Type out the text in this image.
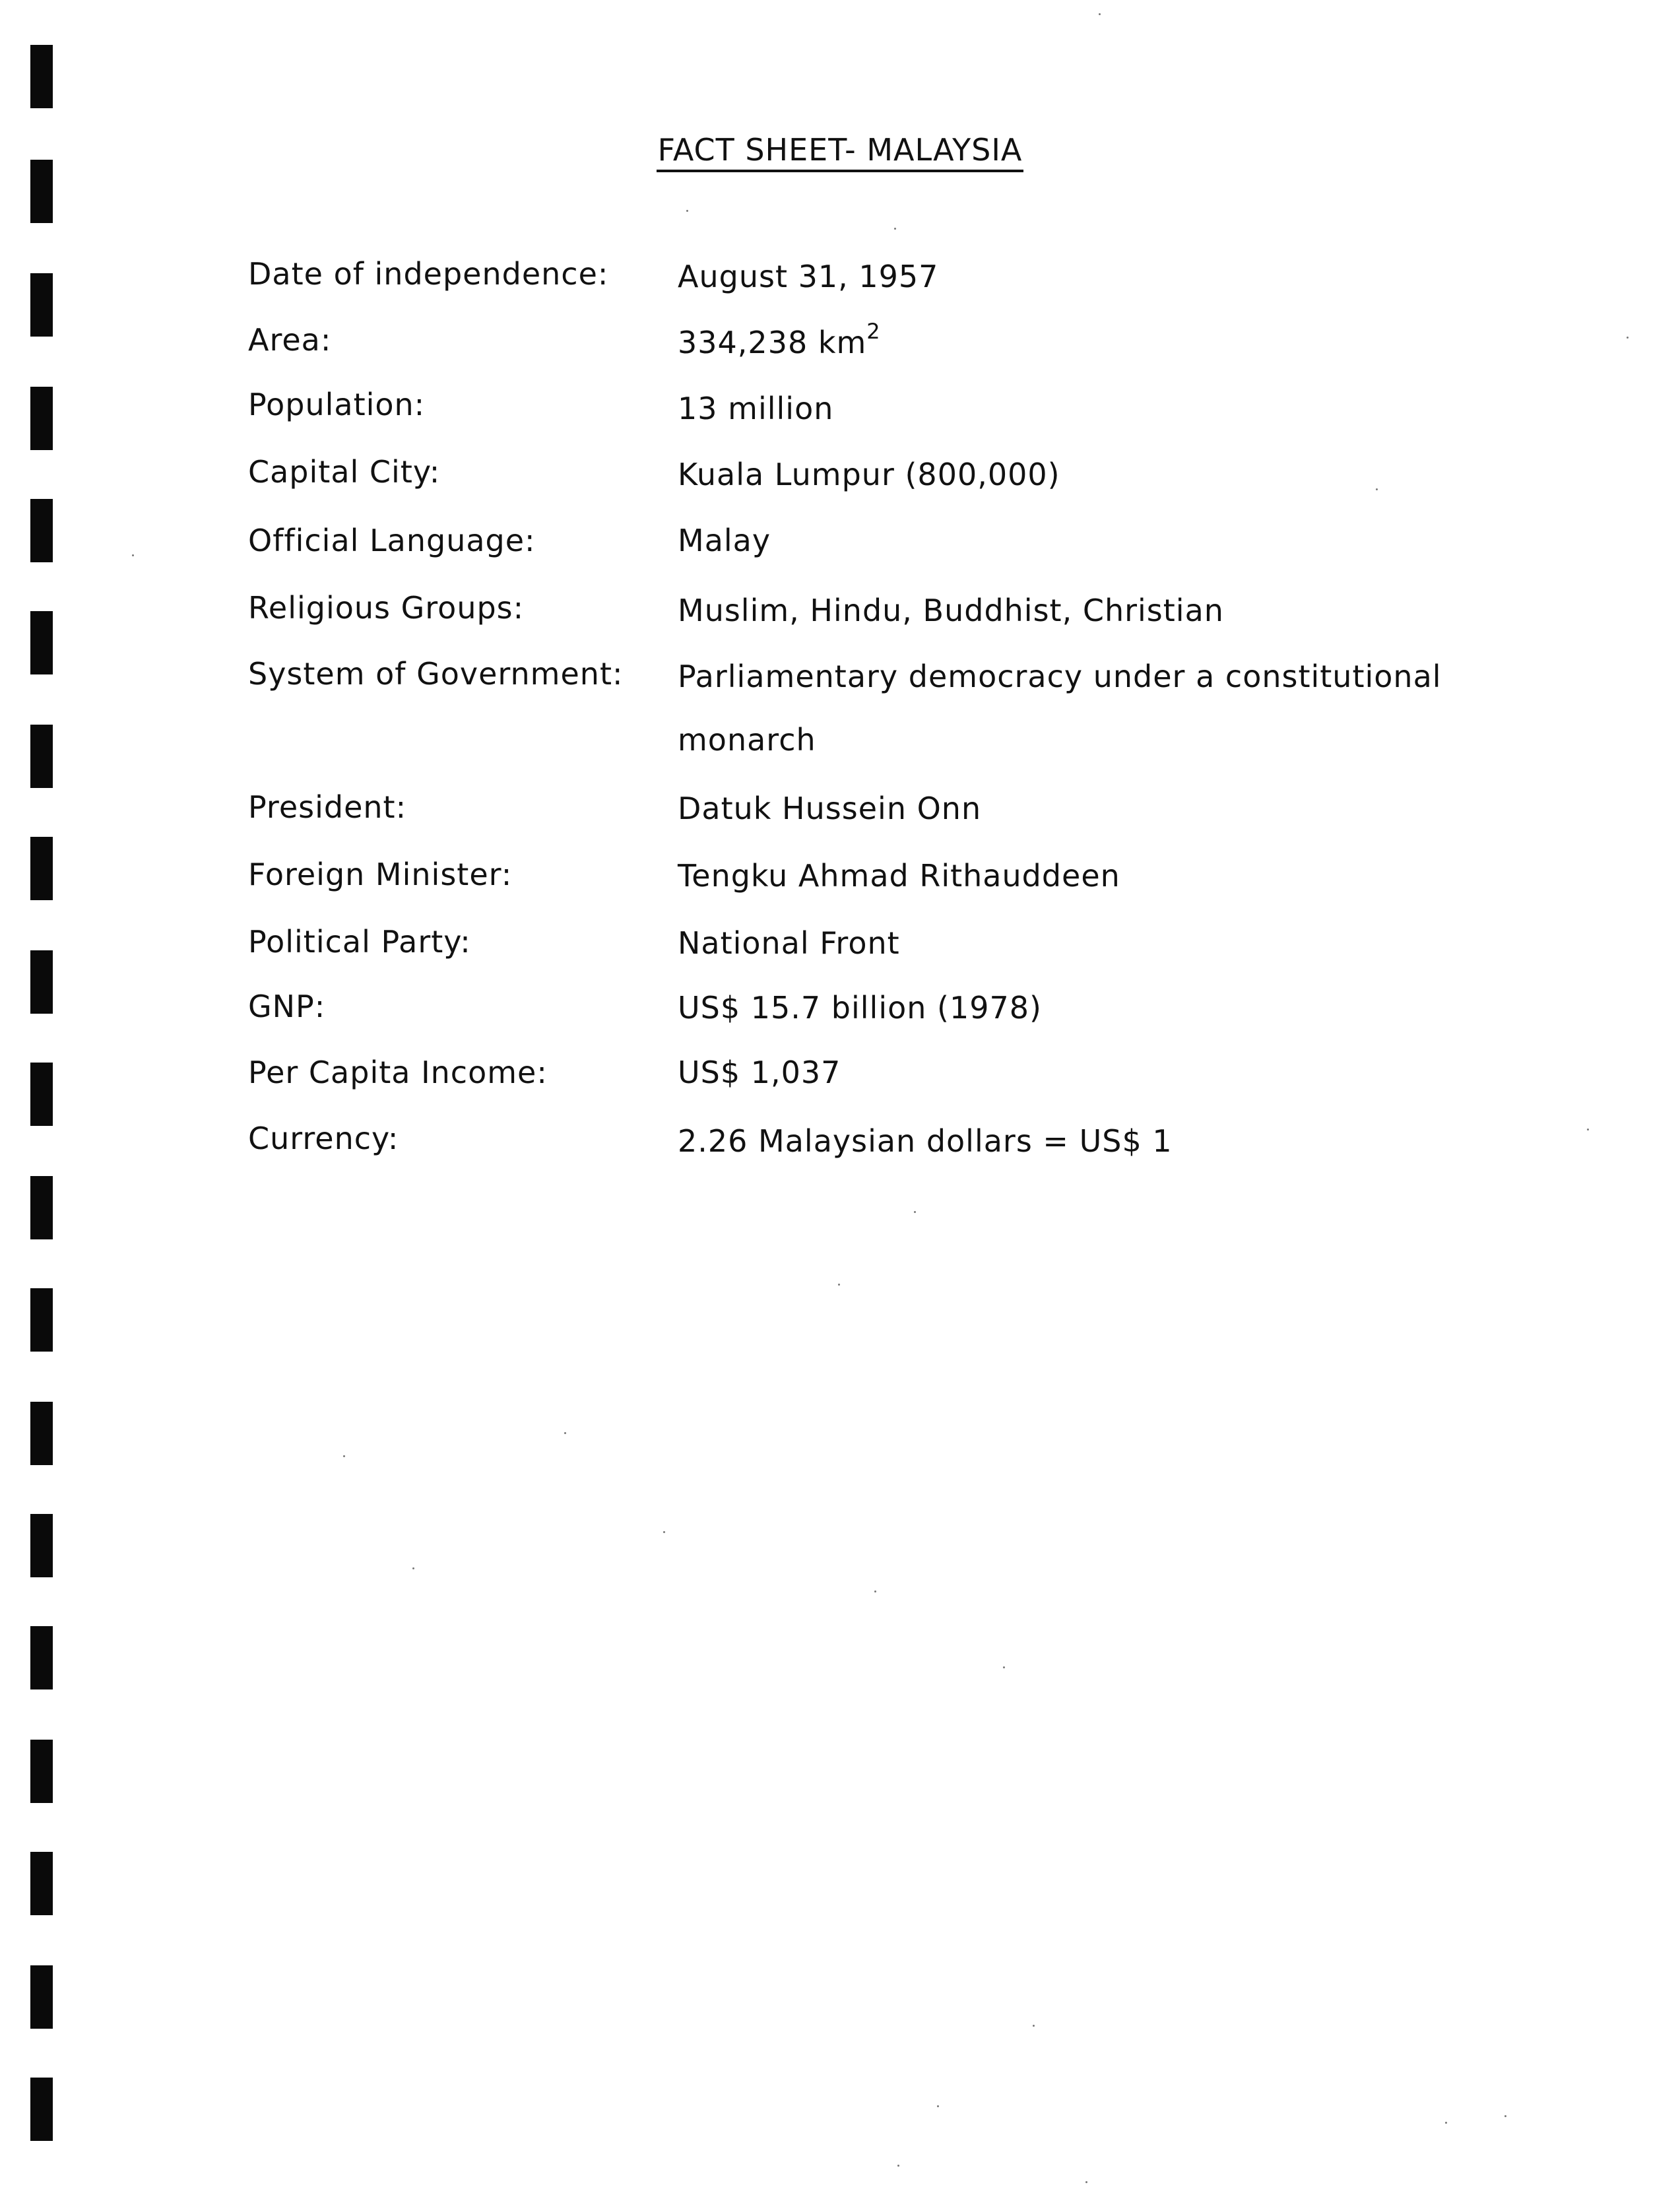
FACT SHEET- MALAYSIA
Date of independence: August 31, 1957
Area:	334,238 $km^2$
Population:	13 million
Capital City:	Kuala Lumpur (800,000)
Official Language:	Malay
Religious Groups:	Muslim, Hindu, Buddhist, Christian
System of Government: Parliamentary democracy under a constitutional
monarch
President:	Datuk Hussein Onn
Foreign Minister:	Tengku Ahmad Rithauddeen
Political Party:	National Front
GNP:	US$ 15.7 billion (1978)
Per Capita Income:	US$ 1,037
Currency:	2.26 Malaysian dollars = US$ 1
